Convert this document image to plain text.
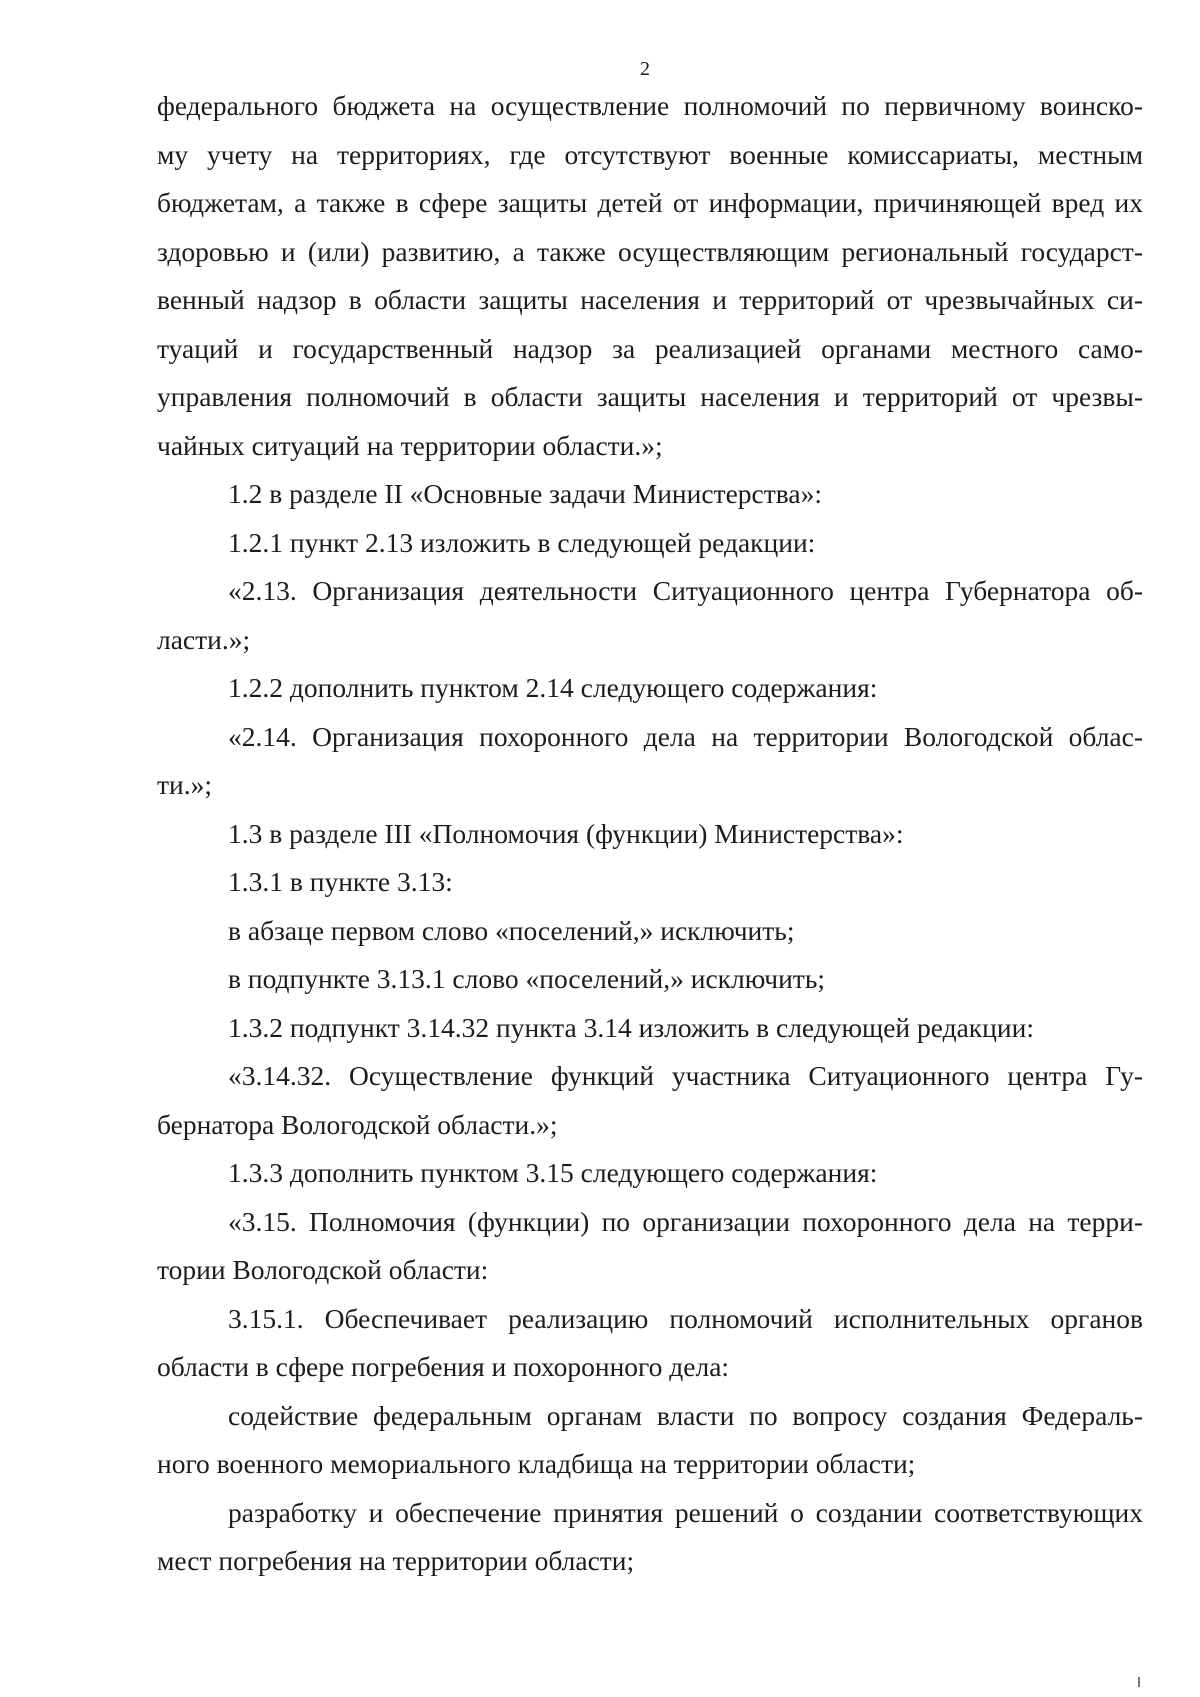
2
федерального бюджета на осуществление полномочий по первичному воинско-
му учету на территориях, где отсутствуют военные комиссариаты, местным
бюджетам, а также в сфере защиты детей от информации, причиняющей вред их
здоровью и (или) развитию, а также осуществляющим региональный государст-
венный надзор в области защиты населения и территорий от чрезвычайных си-
туаций и государственный надзор за реализацией органами местного само-
управления полномочий в области защиты населения и территорий от чрезвы-
чайных ситуаций на территории области.»;
1.2 в разделе II «Основные задачи Министерства»:
1.2.1 пункт 2.13 изложить в следующей редакции:
«2.13. Организация деятельности Ситуационного центра Губернатора об-
ласти.»;
1.2.2 дополнить пунктом 2.14 следующего содержания:
«2.14. Организация похоронного дела на территории Вологодской облас-
ти.»;
1.3 в разделе III «Полномочия (функции) Министерства»:
1.3.1 в пункте 3.13:
в абзаце первом слово «поселений,» исключить;
в подпункте 3.13.1 слово «поселений,» исключить;
1.3.2 подпункт 3.14.32 пункта 3.14 изложить в следующей редакции:
«3.14.32. Осуществление функций участника Ситуационного центра Гу-
бернатора Вологодской области.»;
1.3.3 дополнить пунктом 3.15 следующего содержания:
«3.15. Полномочия (функции) по организации похоронного дела на терри-
тории Вологодской области:
3.15.1. Обеспечивает реализацию полномочий исполнительных органов
области в сфере погребения и похоронного дела:
содействие федеральным органам власти по вопросу создания Федераль-
ного военного мемориального кладбища на территории области;
разработку и обеспечение принятия решений о создании соответствующих
мест погребения на территории области;
